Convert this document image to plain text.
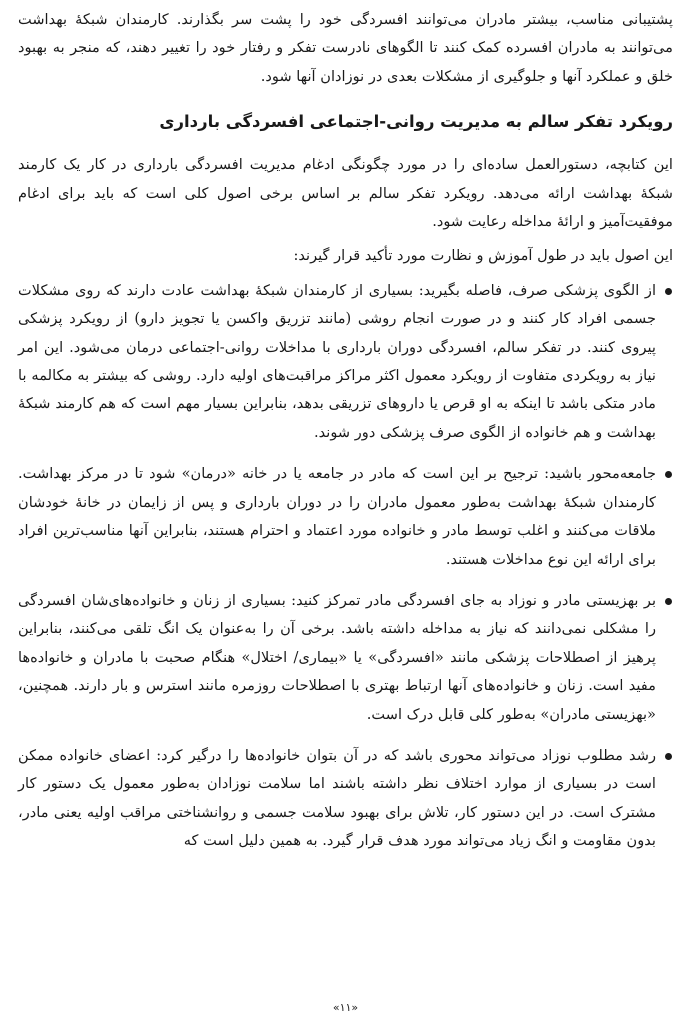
پشتیبانی مناسب، بیشتر مادران می‌توانند افسردگی خود را پشت سر بگذارند. کارمندان شبکهٔ بهداشت می‌توانند به مادران افسرده کمک کنند تا الگوهای نادرست تفکر و رفتار خود را تغییر دهند، که منجر به بهبود خلق و عملکرد آنها و جلوگیری از مشکلات بعدی در نوزادان آنها شود.

رویکرد تفکر سالم به مدیریت روانی-اجتماعی افسردگی بارداری

این کتابچه، دستورالعمل ساده‌ای را در مورد چگونگی ادغام مدیریت افسردگی بارداری در کار یک کارمند شبکهٔ بهداشت ارائه می‌دهد. رویکرد تفکر سالم بر اساس برخی اصول کلی است که باید برای ادغام موفقیت‌آمیز و ارائهٔ مداخله رعایت شود.

این اصول باید در طول آموزش و نظارت مورد تأکید قرار گیرند:

از الگوی پزشکی صرف، فاصله بگیرید: بسیاری از کارمندان شبکهٔ بهداشت عادت دارند که روی مشکلات جسمی افراد کار کنند و در صورت انجام روشی (مانند تزریق واکسن یا تجویز دارو) از رویکرد پزشکی پیروی کنند. در تفکر سالم، افسردگی دوران بارداری با مداخلات روانی-اجتماعی درمان می‌شود. این امر نیاز به رویکردی متفاوت از رویکرد معمول اکثر مراکز مراقبت‌های اولیه دارد. روشی که بیشتر به مکالمه با مادر متکی باشد تا اینکه به او قرص یا داروهای تزریقی بدهد، بنابراین بسیار مهم است که هم کارمند شبکهٔ بهداشت و هم خانواده از الگوی صرف پزشکی دور شوند.
جامعه‌محور باشید: ترجیح بر این است که مادر در جامعه یا در خانه «درمان» شود تا در مرکز بهداشت. کارمندان شبکهٔ بهداشت به‌طور معمول مادران را در دوران بارداری و پس از زایمان در خانهٔ خودشان ملاقات می‌کنند و اغلب توسط مادر و خانواده مورد اعتماد و احترام هستند، بنابراین آنها مناسب‌ترین افراد برای ارائه این نوع مداخلات هستند.
بر بهزیستی مادر و نوزاد به جای افسردگی مادر تمرکز کنید: بسیاری از زنان و خانواده‌های‌شان افسردگی را مشکلی نمی‌دانند که نیاز به مداخله داشته باشد. برخی آن را به‌عنوان یک انگ تلقی می‌کنند، بنابراین پرهیز از اصطلاحات پزشکی مانند «افسردگی» یا «بیماری/ اختلال» هنگام صحبت با مادران و خانواده‌ها مفید است. زنان و خانواده‌های آنها ارتباط بهتری با اصطلاحات روزمره مانند استرس و بار دارند. همچنین، «بهزیستی مادران» به‌طور کلی قابل درک است.
رشد مطلوب نوزاد می‌تواند محوری باشد که در آن بتوان خانواده‌ها را درگیر کرد: اعضای خانواده ممکن است در بسیاری از موارد اختلاف نظر داشته باشند اما سلامت نوزادان به‌طور معمول یک دستور کار مشترک است. در این دستور کار، تلاش برای بهبود سلامت جسمی و روانشناختی مراقب اولیه یعنی مادر، بدون مقاومت و انگ زیاد می‌تواند مورد هدف قرار گیرد. به همین دلیل است که
«۱۱»
